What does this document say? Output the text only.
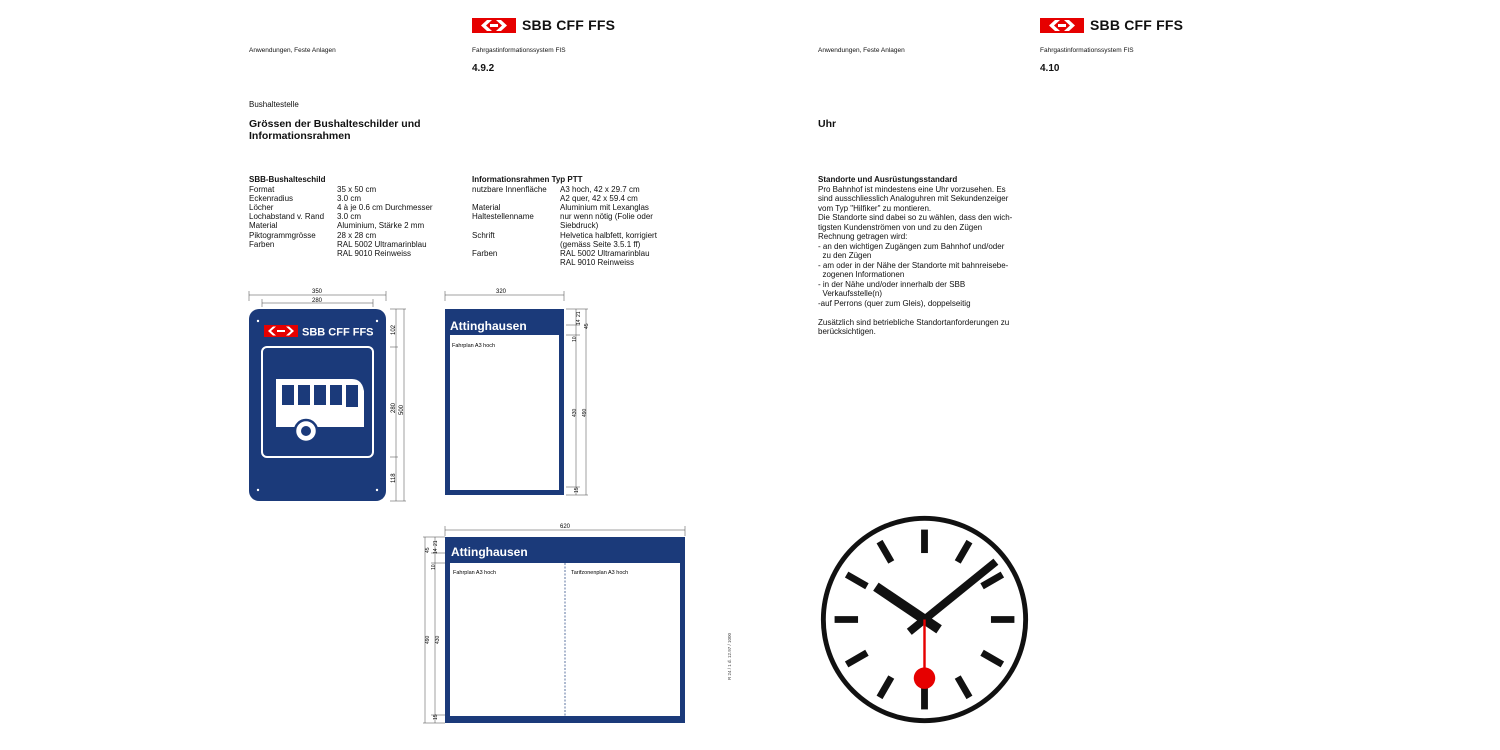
SBB CFF FFS
Anwendungen, Feste Anlagen	Fahrgastinformationssystem FIS
4.9.2
Bushaltestelle
Grössen der Bushalteschilder und
Informationsrahmen
SBB-Bushalteschild
Format	35 x 50 cm
Eckenradius	3.0 cm
Löcher	4 à je 0.6 cm Durchmesser
Lochabstand v. Rand	3.0 cm
Material	Aluminium, Stärke 2 mm
Piktogrammgrösse	28 x 28 cm
Farben	RAL 5002 Ultramarinblau

RAL 9010 Reinweiss
Informationsrahmen Typ PTT
nutzbare Innenfläche	A3 hoch, 42 x 29.7 cm

A2 quer, 42 x 59.4 cm
Material	Aluminium mit Lexanglas
Haltestellenname	nur wenn nötig (Folie oder

Siebdruck)
Schrift	Helvetica halbfett, korrigiert

(gemäss Seite 3.5.1 ff)
Farben	RAL 5002 Ultramarinblau

RAL 9010 Reinweiss
350
280
102
280 500
118
SBB CFF FFS
320
Attinghausen
Fahrplan A3 hoch
21
14
45
10
430 490
15
620
Attinghausen
Fahrplan A3 hoch	Tarifzonenplan A3 hoch
45
21
14
10
490 430
15
SBB CFF FFS
Anwendungen, Feste Anlagen	Fahrgastinformationssystem FIS
4.10
Uhr
Standorte und Ausrüstungsstandard
Pro Bahnhof ist mindestens eine Uhr vorzusehen. Es
sind ausschliesslich Analoguhren mit Sekundenzeiger
vom Typ "Hilfiker" zu montieren.
Die Standorte sind dabei so zu wählen, dass den wich-
tigsten Kundenströmen von und zu den Zügen
Rechnung getragen wird:
- an den wichtigen Zugängen zum Bahnhof und/oder
zu den Zügen
- am oder in der Nähe der Standorte mit bahnreisebe-
zogenen Informationen
- in der Nähe und/oder innerhalb der SBB
Verkaufsstelle(n)
-auf Perrons (quer zum Gleis), doppelseitig

Zusätzlich sind betriebliche Standortanforderungen zu
berücksichtigen.
R 24 / 1 d. 12.97 / 1000
